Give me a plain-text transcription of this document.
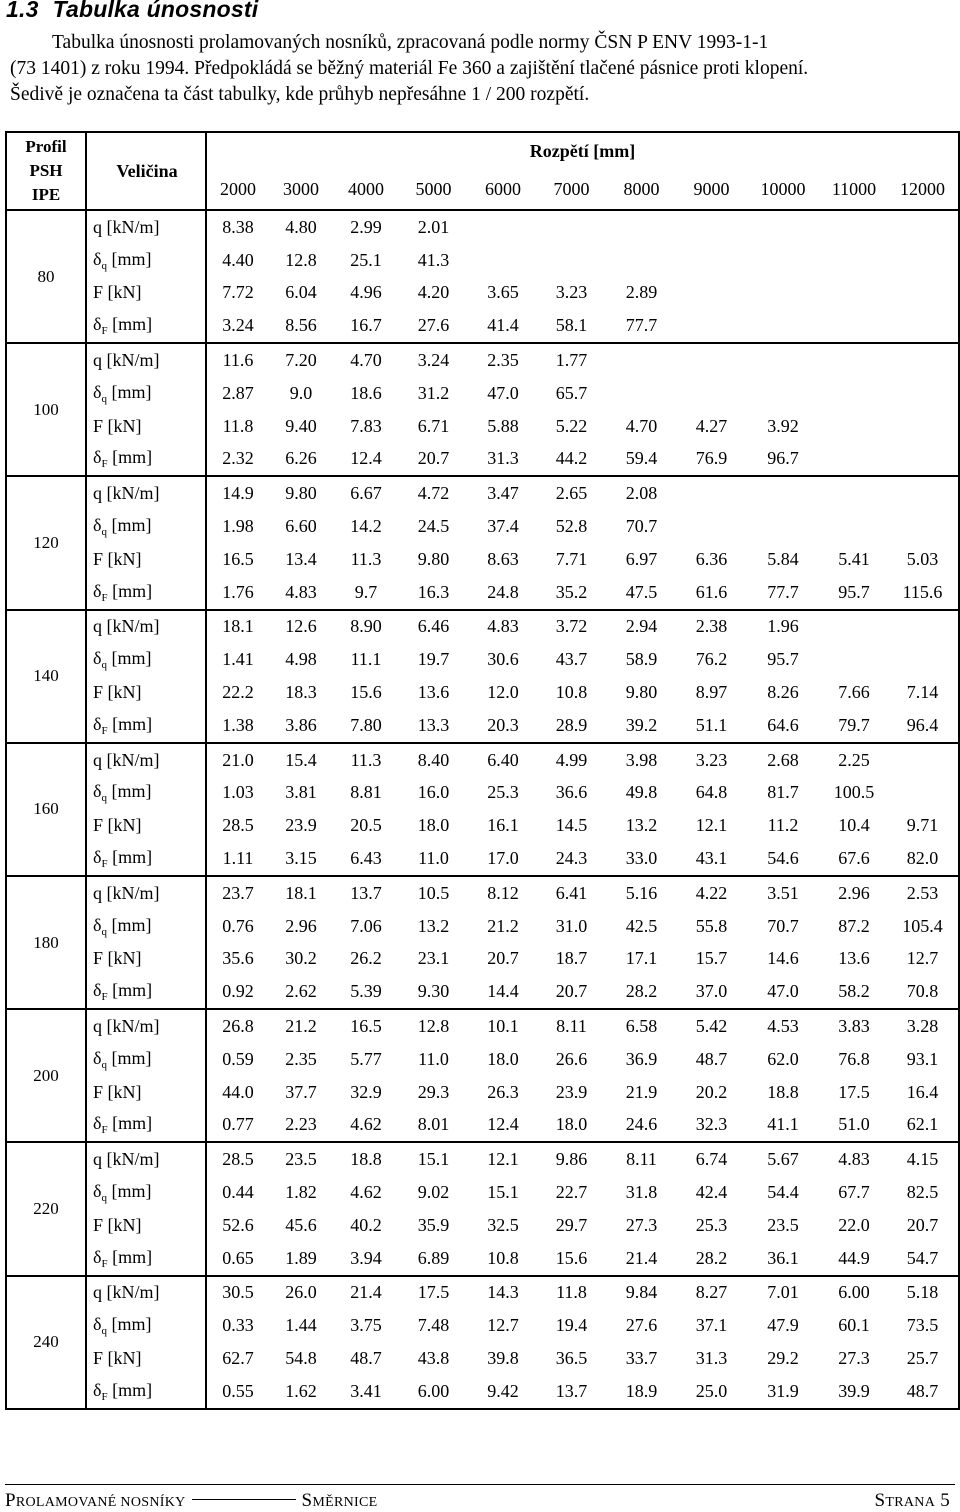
1.3 Tabulka únosnosti

Tabulka únosnosti prolamovaných nosníků, zpracovaná podle normy ČSN P ENV 1993-1-1
(73 1401) z roku 1994. Předpokládá se běžný materiál Fe 360 a zajištění tlačené pásnice proti klopení.
Šedivě je označena ta část tabulky, kde průhyb nepřesáhne 1 / 200 rozpětí.

Profil
PSH
IPE	Veličina	Rozpětí [mm]										
		2000	3000	4000	5000	6000	7000	8000	9000	10000	11000	12000
80	q [kN/m]	8.38	4.80	2.99	2.01							
	$\delta_q$ [mm]	4.40	12.8	25.1	41.3							
	F [kN]	7.72	6.04	4.96	4.20	3.65	3.23	2.89				
	$\delta_F$ [mm]	3.24	8.56	16.7	27.6	41.4	58.1	77.7				
100	q [kN/m]	11.6	7.20	4.70	3.24	2.35	1.77					
	$\delta_q$ [mm]	2.87	9.0	18.6	31.2	47.0	65.7					
	F [kN]	11.8	9.40	7.83	6.71	5.88	5.22	4.70	4.27	3.92		
	$\delta_F$ [mm]	2.32	6.26	12.4	20.7	31.3	44.2	59.4	76.9	96.7		
120	q [kN/m]	14.9	9.80	6.67	4.72	3.47	2.65	2.08				
	$\delta_q$ [mm]	1.98	6.60	14.2	24.5	37.4	52.8	70.7				
	F [kN]	16.5	13.4	11.3	9.80	8.63	7.71	6.97	6.36	5.84	5.41	5.03
	$\delta_F$ [mm]	1.76	4.83	9.7	16.3	24.8	35.2	47.5	61.6	77.7	95.7	115.6
140	q [kN/m]	18.1	12.6	8.90	6.46	4.83	3.72	2.94	2.38	1.96		
	$\delta_q$ [mm]	1.41	4.98	11.1	19.7	30.6	43.7	58.9	76.2	95.7		
	F [kN]	22.2	18.3	15.6	13.6	12.0	10.8	9.80	8.97	8.26	7.66	7.14
	$\delta_F$ [mm]	1.38	3.86	7.80	13.3	20.3	28.9	39.2	51.1	64.6	79.7	96.4
160	q [kN/m]	21.0	15.4	11.3	8.40	6.40	4.99	3.98	3.23	2.68	2.25	
	$\delta_q$ [mm]	1.03	3.81	8.81	16.0	25.3	36.6	49.8	64.8	81.7	100.5	
	F [kN]	28.5	23.9	20.5	18.0	16.1	14.5	13.2	12.1	11.2	10.4	9.71
	$\delta_F$ [mm]	1.11	3.15	6.43	11.0	17.0	24.3	33.0	43.1	54.6	67.6	82.0
180	q [kN/m]	23.7	18.1	13.7	10.5	8.12	6.41	5.16	4.22	3.51	2.96	2.53
	$\delta_q$ [mm]	0.76	2.96	7.06	13.2	21.2	31.0	42.5	55.8	70.7	87.2	105.4
	F [kN]	35.6	30.2	26.2	23.1	20.7	18.7	17.1	15.7	14.6	13.6	12.7
	$\delta_F$ [mm]	0.92	2.62	5.39	9.30	14.4	20.7	28.2	37.0	47.0	58.2	70.8
200	q [kN/m]	26.8	21.2	16.5	12.8	10.1	8.11	6.58	5.42	4.53	3.83	3.28
	$\delta_q$ [mm]	0.59	2.35	5.77	11.0	18.0	26.6	36.9	48.7	62.0	76.8	93.1
	F [kN]	44.0	37.7	32.9	29.3	26.3	23.9	21.9	20.2	18.8	17.5	16.4
	$\delta_F$ [mm]	0.77	2.23	4.62	8.01	12.4	18.0	24.6	32.3	41.1	51.0	62.1
220	q [kN/m]	28.5	23.5	18.8	15.1	12.1	9.86	8.11	6.74	5.67	4.83	4.15
	$\delta_q$ [mm]	0.44	1.82	4.62	9.02	15.1	22.7	31.8	42.4	54.4	67.7	82.5
	F [kN]	52.6	45.6	40.2	35.9	32.5	29.7	27.3	25.3	23.5	22.0	20.7
	$\delta_F$ [mm]	0.65	1.89	3.94	6.89	10.8	15.6	21.4	28.2	36.1	44.9	54.7
240	q [kN/m]	30.5	26.0	21.4	17.5	14.3	11.8	9.84	8.27	7.01	6.00	5.18
	$\delta_q$ [mm]	0.33	1.44	3.75	7.48	12.7	19.4	27.6	37.1	47.9	60.1	73.5
	F [kN]	62.7	54.8	48.7	43.8	39.8	36.5	33.7	31.3	29.2	27.3	25.7
	$\delta_F$ [mm]	0.55	1.62	3.41	6.00	9.42	13.7	18.9	25.0	31.9	39.9	48.7
PROLAMOVANÉ NOSNÍKY	SMĚRNICE	STRANA 5
